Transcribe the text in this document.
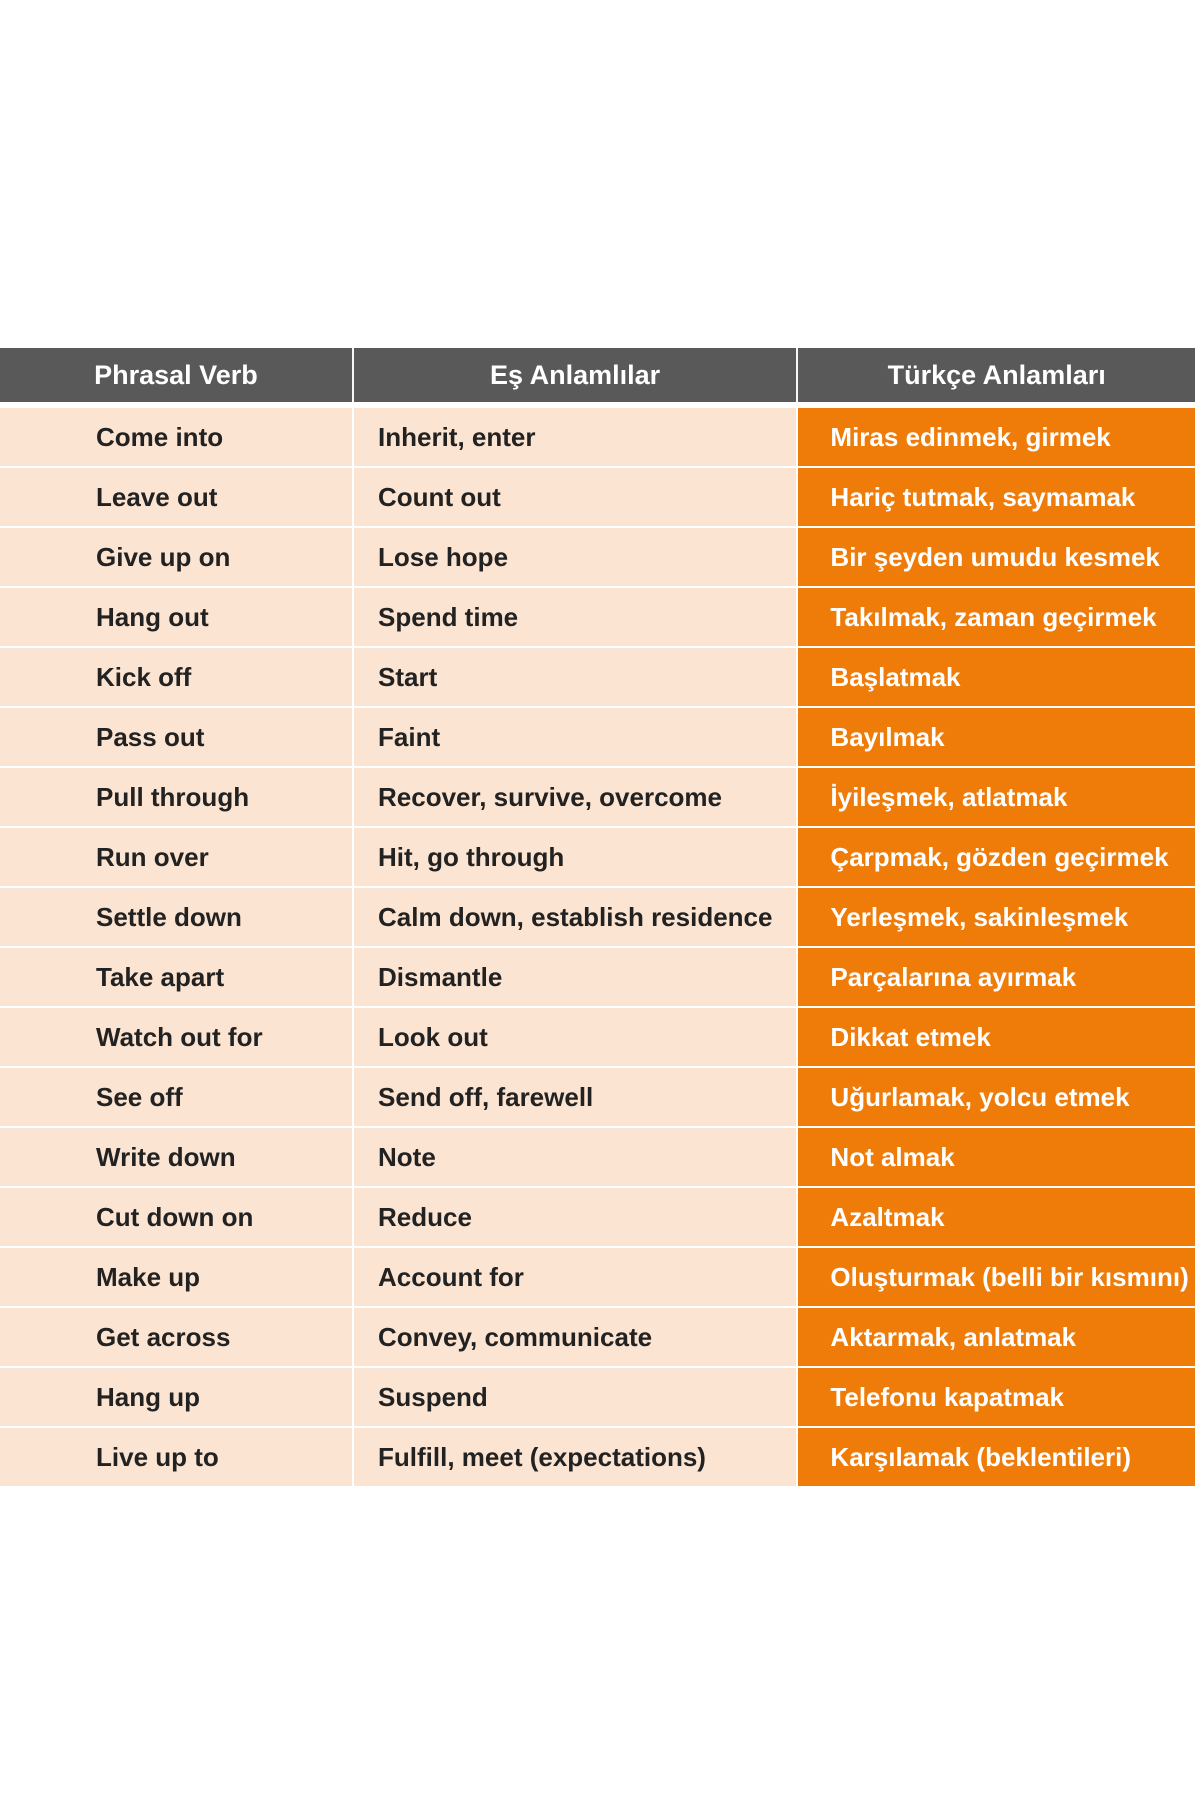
Phrasal Verb	Eş Anlamlılar	Türkçe Anlamları
Come into	Inherit, enter	Miras edinmek, girmek
Leave out	Count out	Hariç tutmak, saymamak
Give up on	Lose hope	Bir şeyden umudu kesmek
Hang out	Spend time	Takılmak, zaman geçirmek
Kick off	Start	Başlatmak
Pass out	Faint	Bayılmak
Pull through	Recover, survive, overcome	İyileşmek, atlatmak
Run over	Hit, go through	Çarpmak, gözden geçirmek
Settle down	Calm down, establish residence	Yerleşmek, sakinleşmek
Take apart	Dismantle	Parçalarına ayırmak
Watch out for	Look out	Dikkat etmek
See off	Send off, farewell	Uğurlamak, yolcu etmek
Write down	Note	Not almak
Cut down on	Reduce	Azaltmak
Make up	Account for	Oluşturmak (belli bir kısmını)
Get across	Convey, communicate	Aktarmak, anlatmak
Hang up	Suspend	Telefonu kapatmak
Live up to	Fulfill, meet (expectations)	Karşılamak (beklentileri)
